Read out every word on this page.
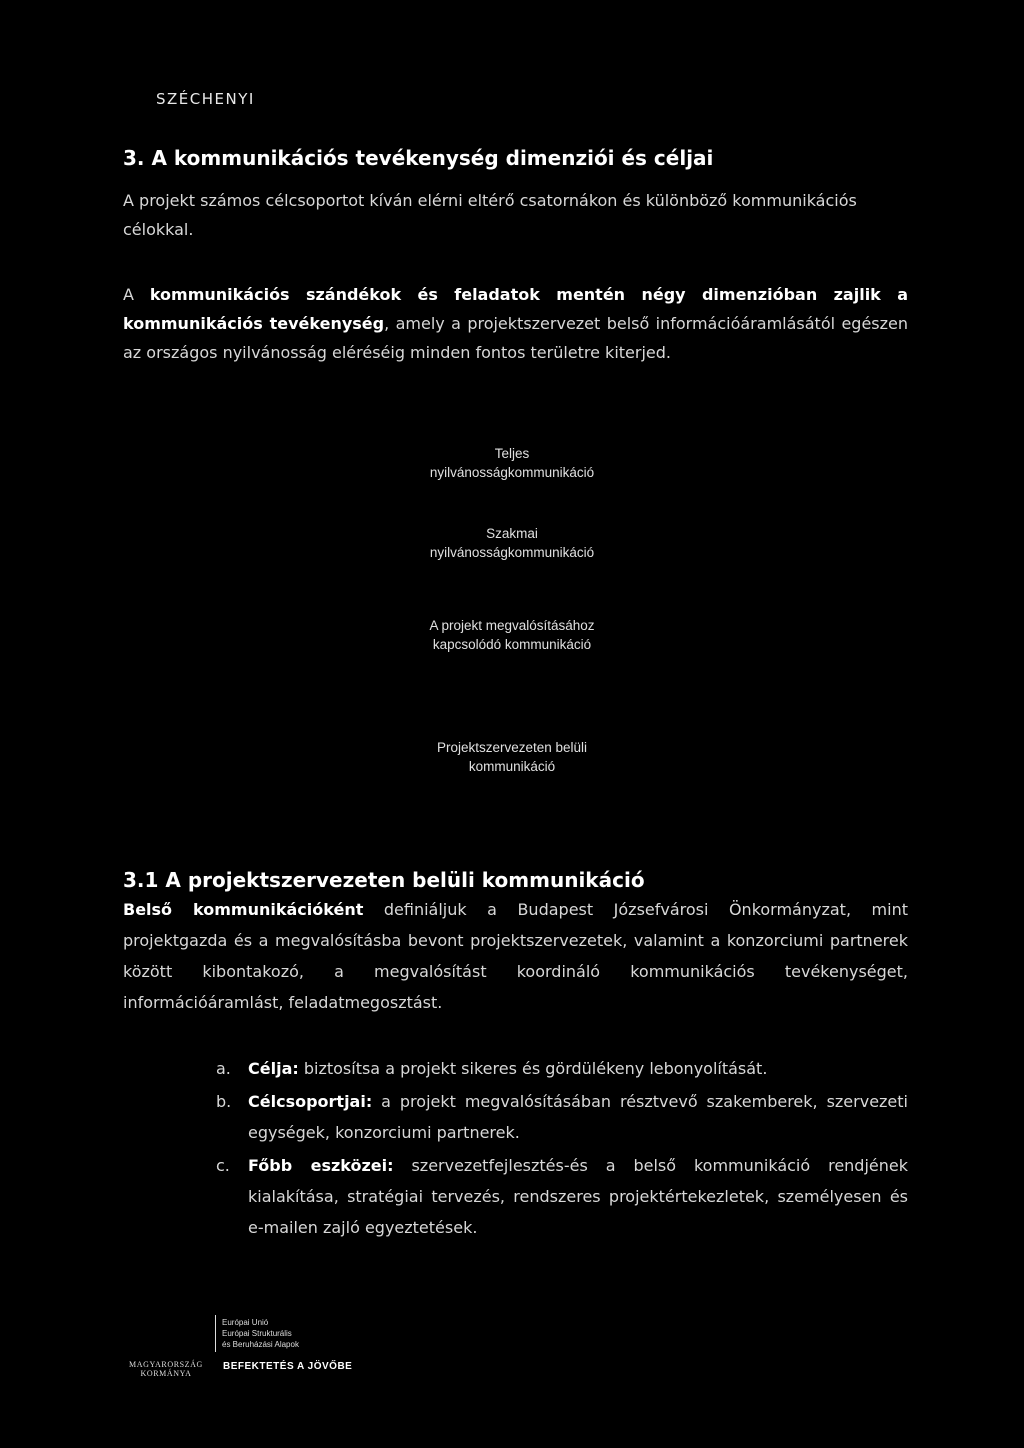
SZÉCHENYI
3. A kommunikációs tevékenység dimenziói és céljai
A projekt számos célcsoportot kíván elérni eltérő csatornákon és különböző kommunikációs célokkal.
A kommunikációs szándékok és feladatok mentén négy dimenzióban zajlik a kommunikációs tevékenység, amely a projektszervezet belső információáramlásától egészen az országos nyilvánosság eléréséig minden fontos területre kiterjed.
Teljes
nyilvánosságkommunikáció
Szakmai
nyilvánosságkommunikáció
A projekt megvalósításához
kapcsolódó kommunikáció
Projektszervezeten belüli
kommunikáció
3.1 A projektszervezeten belüli kommunikáció
Belső kommunikációként definiáljuk a Budapest Józsefvárosi Önkormányzat, mint projektgazda és a megvalósításba bevont projektszervezetek, valamint a konzorciumi partnerek között kibontakozó, a megvalósítást koordináló kommunikációs tevékenységet, információáramlást, feladatmegosztást.
a. Célja: biztosítsa a projekt sikeres és gördülékeny lebonyolítását.
b. Célcsoportjai: a projekt megvalósításában résztvevő szakemberek, szervezeti egységek, konzorciumi partnerek.
c. Főbb eszközei: szervezetfejlesztés-és a belső kommunikáció rendjének kialakítása, stratégiai tervezés, rendszeres projektértekezletek, személyesen és e-mailen zajló egyeztetések.
Európai Unió
Európai Strukturális
és Beruházási Alapok
MAGYARORSZÁG
KORMÁNYA
BEFEKTETÉS A JÖVŐBE
